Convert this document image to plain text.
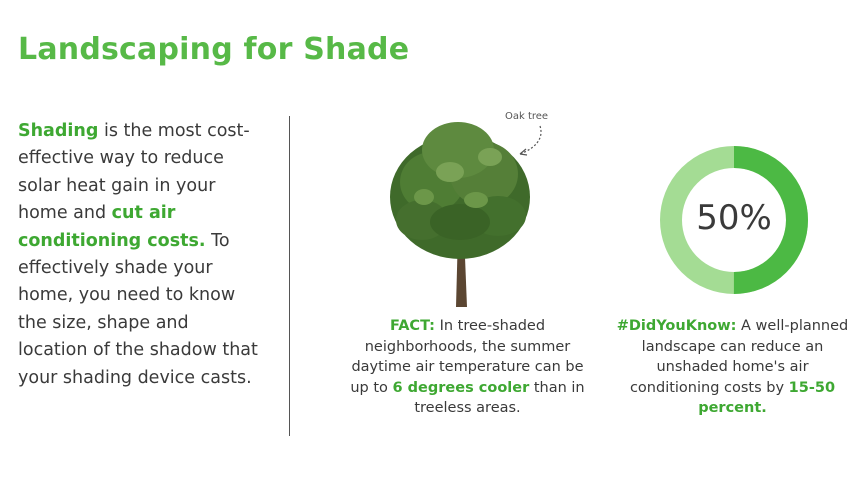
Landscaping for Shade
Shading is the most cost-effective way to reduce solar heat gain in your home and cut air conditioning costs. To effectively shade your home, you need to know the size, shape and location of the shadow that your shading device casts.
Oak tree
FACT: In tree-shaded neighborhoods, the summer daytime air temperature can be up to 6 degrees cooler than in treeless areas.
50%
#DidYouKnow: A well-planned landscape can reduce an unshaded home's air conditioning costs by 15-50 percent.
